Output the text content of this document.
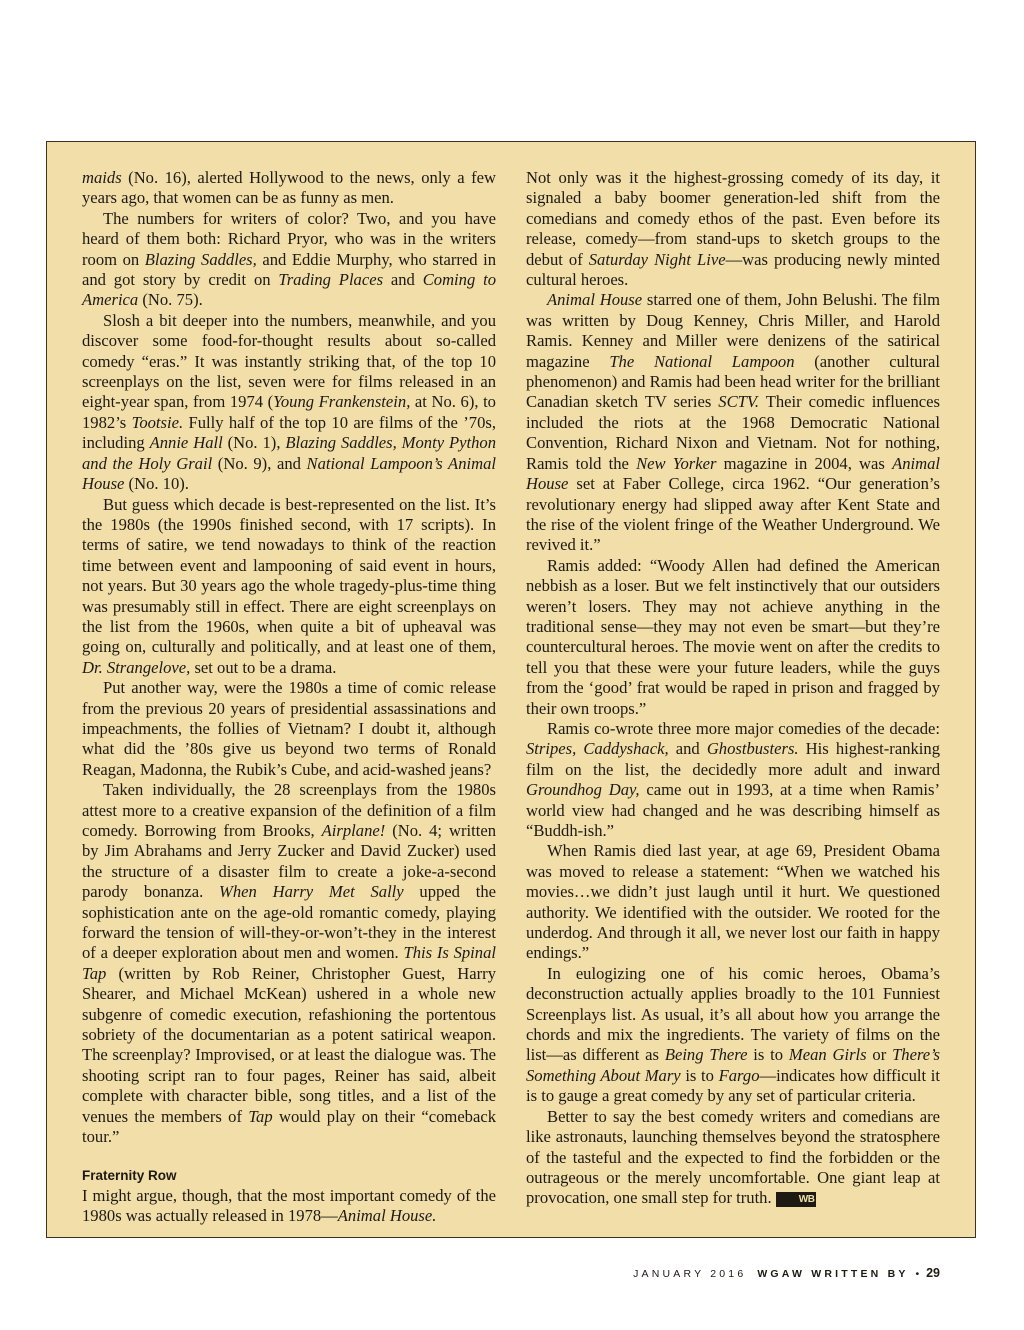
maids (No. 16), alerted Hollywood to the news, only a few years ago, that women can be as funny as men.

The numbers for writers of color? Two, and you have heard of them both: Richard Pryor, who was in the writers room on Blazing Saddles, and Eddie Murphy, who starred in and got story by credit on Trading Places and Coming to America (No. 75).

Slosh a bit deeper into the numbers, meanwhile, and you discover some food-for-thought results about so-called comedy “eras.” It was instantly striking that, of the top 10 screenplays on the list, seven were for films released in an eight-year span, from 1974 (Young Frankenstein, at No. 6), to 1982’s Tootsie. Fully half of the top 10 are films of the ’70s, including Annie Hall (No. 1), Blazing Saddles, Monty Python and the Holy Grail (No. 9), and National Lampoon’s Animal House (No. 10).

But guess which decade is best-represented on the list. It’s the 1980s (the 1990s finished second, with 17 scripts). In terms of satire, we tend nowadays to think of the reaction time between event and lampooning of said event in hours, not years. But 30 years ago the whole tragedy-plus-time thing was presumably still in effect. There are eight screenplays on the list from the 1960s, when quite a bit of upheaval was going on, culturally and politically, and at least one of them, Dr. Strangelove, set out to be a drama.

Put another way, were the 1980s a time of comic release from the previous 20 years of presidential assassinations and impeachments, the follies of Vietnam? I doubt it, although what did the ’80s give us beyond two terms of Ronald Reagan, Madonna, the Rubik’s Cube, and acid-washed jeans?

Taken individually, the 28 screenplays from the 1980s attest more to a creative expansion of the definition of a film comedy. Borrowing from Brooks, Airplane! (No. 4; written by Jim Abrahams and Jerry Zucker and David Zucker) used the structure of a disaster film to create a joke-a-second parody bonanza. When Harry Met Sally upped the sophistication ante on the age-old romantic comedy, playing forward the tension of will-they-or-won’t-they in the interest of a deeper exploration about men and women. This Is Spinal Tap (written by Rob Reiner, Christopher Guest, Harry Shearer, and Michael McKean) ushered in a whole new subgenre of comedic execution, refashioning the portentous sobriety of the documentarian as a potent satirical weapon. The screenplay? Improvised, or at least the dialogue was. The shooting script ran to four pages, Reiner has said, albeit complete with character bible, song titles, and a list of the venues the members of Tap would play on their “comeback tour.”

Fraternity Row

I might argue, though, that the most important comedy of the 1980s was actually released in 1978—Animal House.

Not only was it the highest-grossing comedy of its day, it signaled a baby boomer generation-led shift from the comedians and comedy ethos of the past. Even before its release, comedy—from stand-ups to sketch groups to the debut of Saturday Night Live—was producing newly minted cultural heroes.

Animal House starred one of them, John Belushi. The film was written by Doug Kenney, Chris Miller, and Harold Ramis. Kenney and Miller were denizens of the satirical magazine The National Lampoon (another cultural phenomenon) and Ramis had been head writer for the brilliant Canadian sketch TV series SCTV. Their comedic influences included the riots at the 1968 Democratic National Convention, Richard Nixon and Vietnam. Not for nothing, Ramis told the New Yorker magazine in 2004, was Animal House set at Faber College, circa 1962. “Our generation’s revolutionary energy had slipped away after Kent State and the rise of the violent fringe of the Weather Underground. We revived it.”

Ramis added: “Woody Allen had defined the American nebbish as a loser. But we felt instinctively that our outsiders weren’t losers. They may not achieve anything in the traditional sense—they may not even be smart—but they’re countercultural heroes. The movie went on after the credits to tell you that these were your future leaders, while the guys from the ‘good’ frat would be raped in prison and fragged by their own troops.”

Ramis co-wrote three more major comedies of the decade: Stripes, Caddyshack, and Ghostbusters. His highest-ranking film on the list, the decidedly more adult and inward Groundhog Day, came out in 1993, at a time when Ramis’ world view had changed and he was describing himself as “Buddh-ish.”

When Ramis died last year, at age 69, President Obama was moved to release a statement: “When we watched his movies…we didn’t just laugh until it hurt. We questioned authority. We identified with the outsider. We rooted for the underdog. And through it all, we never lost our faith in happy endings.”

In eulogizing one of his comic heroes, Obama’s deconstruction actually applies broadly to the 101 Funniest Screenplays list. As usual, it’s all about how you arrange the chords and mix the ingredients. The variety of films on the list—as different as Being There is to Mean Girls or There’s Something About Mary is to Fargo—indicates how difficult it is to gauge a great comedy by any set of particular criteria.

Better to say the best comedy writers and comedians are like astronauts, launching themselves beyond the stratosphere of the tasteful and the expected to find the forbidden or the outrageous or the merely uncomfortable. One giant leap at provocation, one small step for truth.	WB

JANUARY 2016 WGAW WRITTEN BY • 29
